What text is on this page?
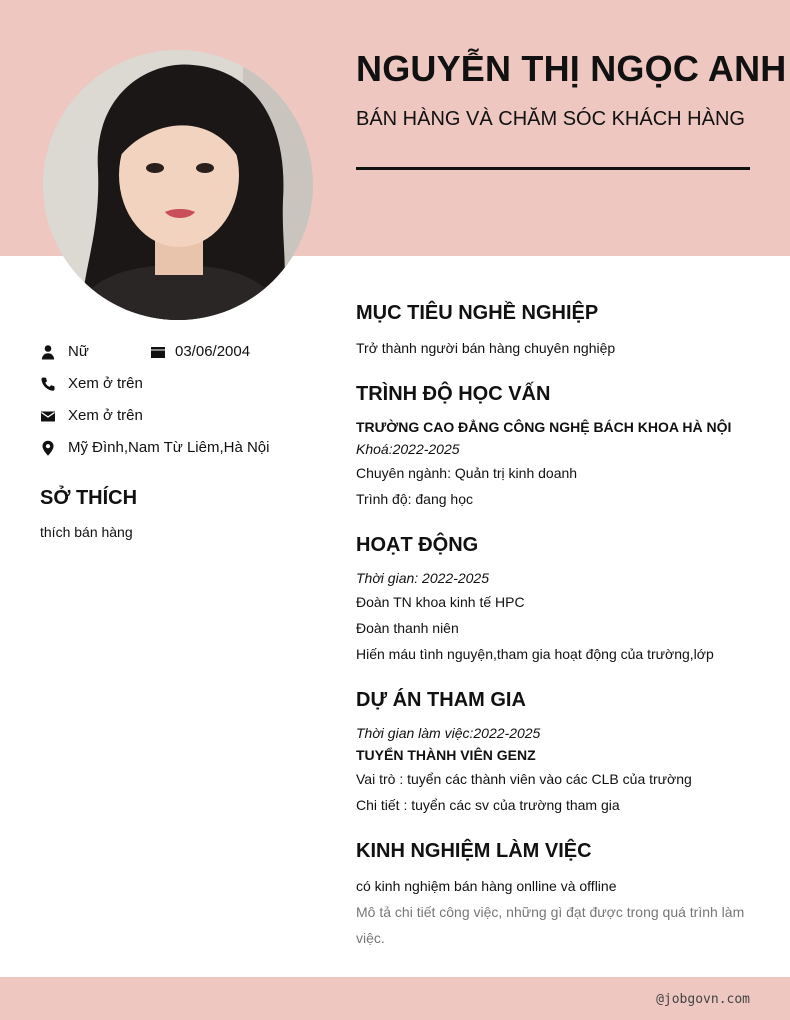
NGUYỄN THỊ NGỌC ANH
BÁN HÀNG VÀ CHĂM SÓC KHÁCH HÀNG
Nữ	03/06/2004
Xem ở trên
Xem ở trên
Mỹ Đình,Nam Từ Liêm,Hà Nội
SỞ THÍCH
thích bán hàng
MỤC TIÊU NGHỀ NGHIỆP
Trở thành người bán hàng chuyên nghiệp
TRÌNH ĐỘ HỌC VẤN
TRƯỜNG CAO ĐẲNG CÔNG NGHỆ BÁCH KHOA HÀ NỘI
Khoá:2022-2025
Chuyên ngành: Quản trị kinh doanh
Trình độ: đang học
HOẠT ĐỘNG
Thời gian: 2022-2025
Đoàn TN khoa kinh tế HPC
Đoàn thanh niên
Hiến máu tình nguyện,tham gia hoạt động của trường,lớp
DỰ ÁN THAM GIA
Thời gian làm việc:2022-2025
TUYỂN THÀNH VIÊN GENZ
Vai trò : tuyển các thành viên vào các CLB của trường
Chi tiết : tuyển các sv của trường tham gia
KINH NGHIỆM LÀM VIỆC
có kinh nghiệm bán hàng onlline và offline
Mô tả chi tiết công việc, những gì đạt được trong quá trình làm việc.
@jobgovn.com
